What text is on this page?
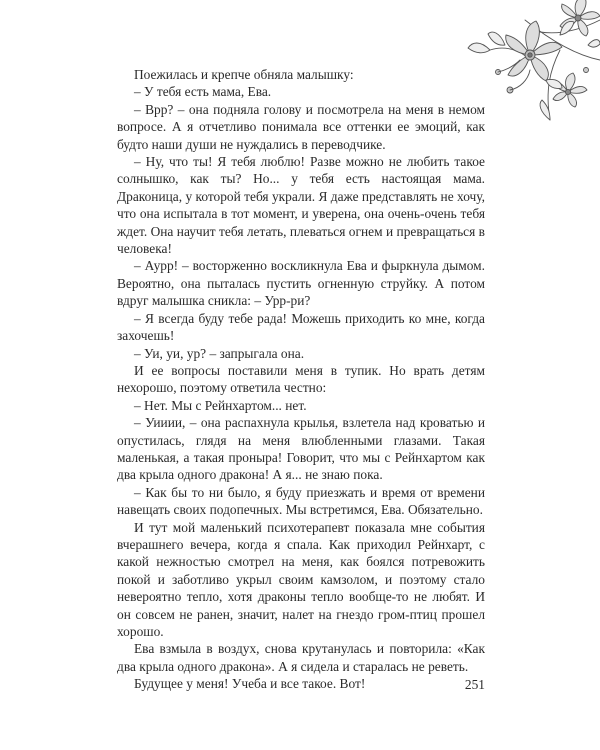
Поежилась и крепче обняла малышку:

– У тебя есть мама, Ева.

– Врр? – она подняла голову и посмотрела на меня в немом вопросе. А я отчетливо понимала все оттенки ее эмоций, как будто наши души не нуждались в переводчике.

– Ну, что ты! Я тебя люблю! Разве можно не любить такое солнышко, как ты? Но... у тебя есть настоящая мама. Драконица, у которой тебя украли. Я даже представлять не хочу, что она испытала в тот момент, и уверена, она очень-очень тебя ждет. Она научит тебя летать, плеваться огнем и превращаться в человека!

– Аурр! – восторженно воскликнула Ева и фыркнула дымом. Вероятно, она пыталась пустить огненную струйку. А потом вдруг малышка сникла: – Урр-ри?

– Я всегда буду тебе рада! Можешь приходить ко мне, когда захочешь!

– Уи, уи, ур? – запрыгала она.

И ее вопросы поставили меня в тупик. Но врать детям нехорошо, поэтому ответила честно:

– Нет. Мы с Рейнхартом... нет.

– Уииии, – она распахнула крылья, взлетела над кроватью и опустилась, глядя на меня влюбленными глазами. Такая маленькая, а такая проныра! Говорит, что мы с Рейнхартом как два крыла одного дракона! А я... не знаю пока.

– Как бы то ни было, я буду приезжать и время от времени навещать своих подопечных. Мы встретимся, Ева. Обязательно.

И тут мой маленький психотерапевт показала мне события вчерашнего вечера, когда я спала. Как приходил Рейнхарт, с какой нежностью смотрел на меня, как боялся потревожить покой и заботливо укрыл своим камзолом, и поэтому стало невероятно тепло, хотя драконы тепло вообще-то не любят. И он совсем не ранен, значит, налет на гнездо гром-птиц прошел хорошо.

Ева взмыла в воздух, снова крутанулась и повторила: «Как два крыла одного дракона». А я сидела и старалась не реветь.

Будущее у меня! Учеба и все такое. Вот!	251
